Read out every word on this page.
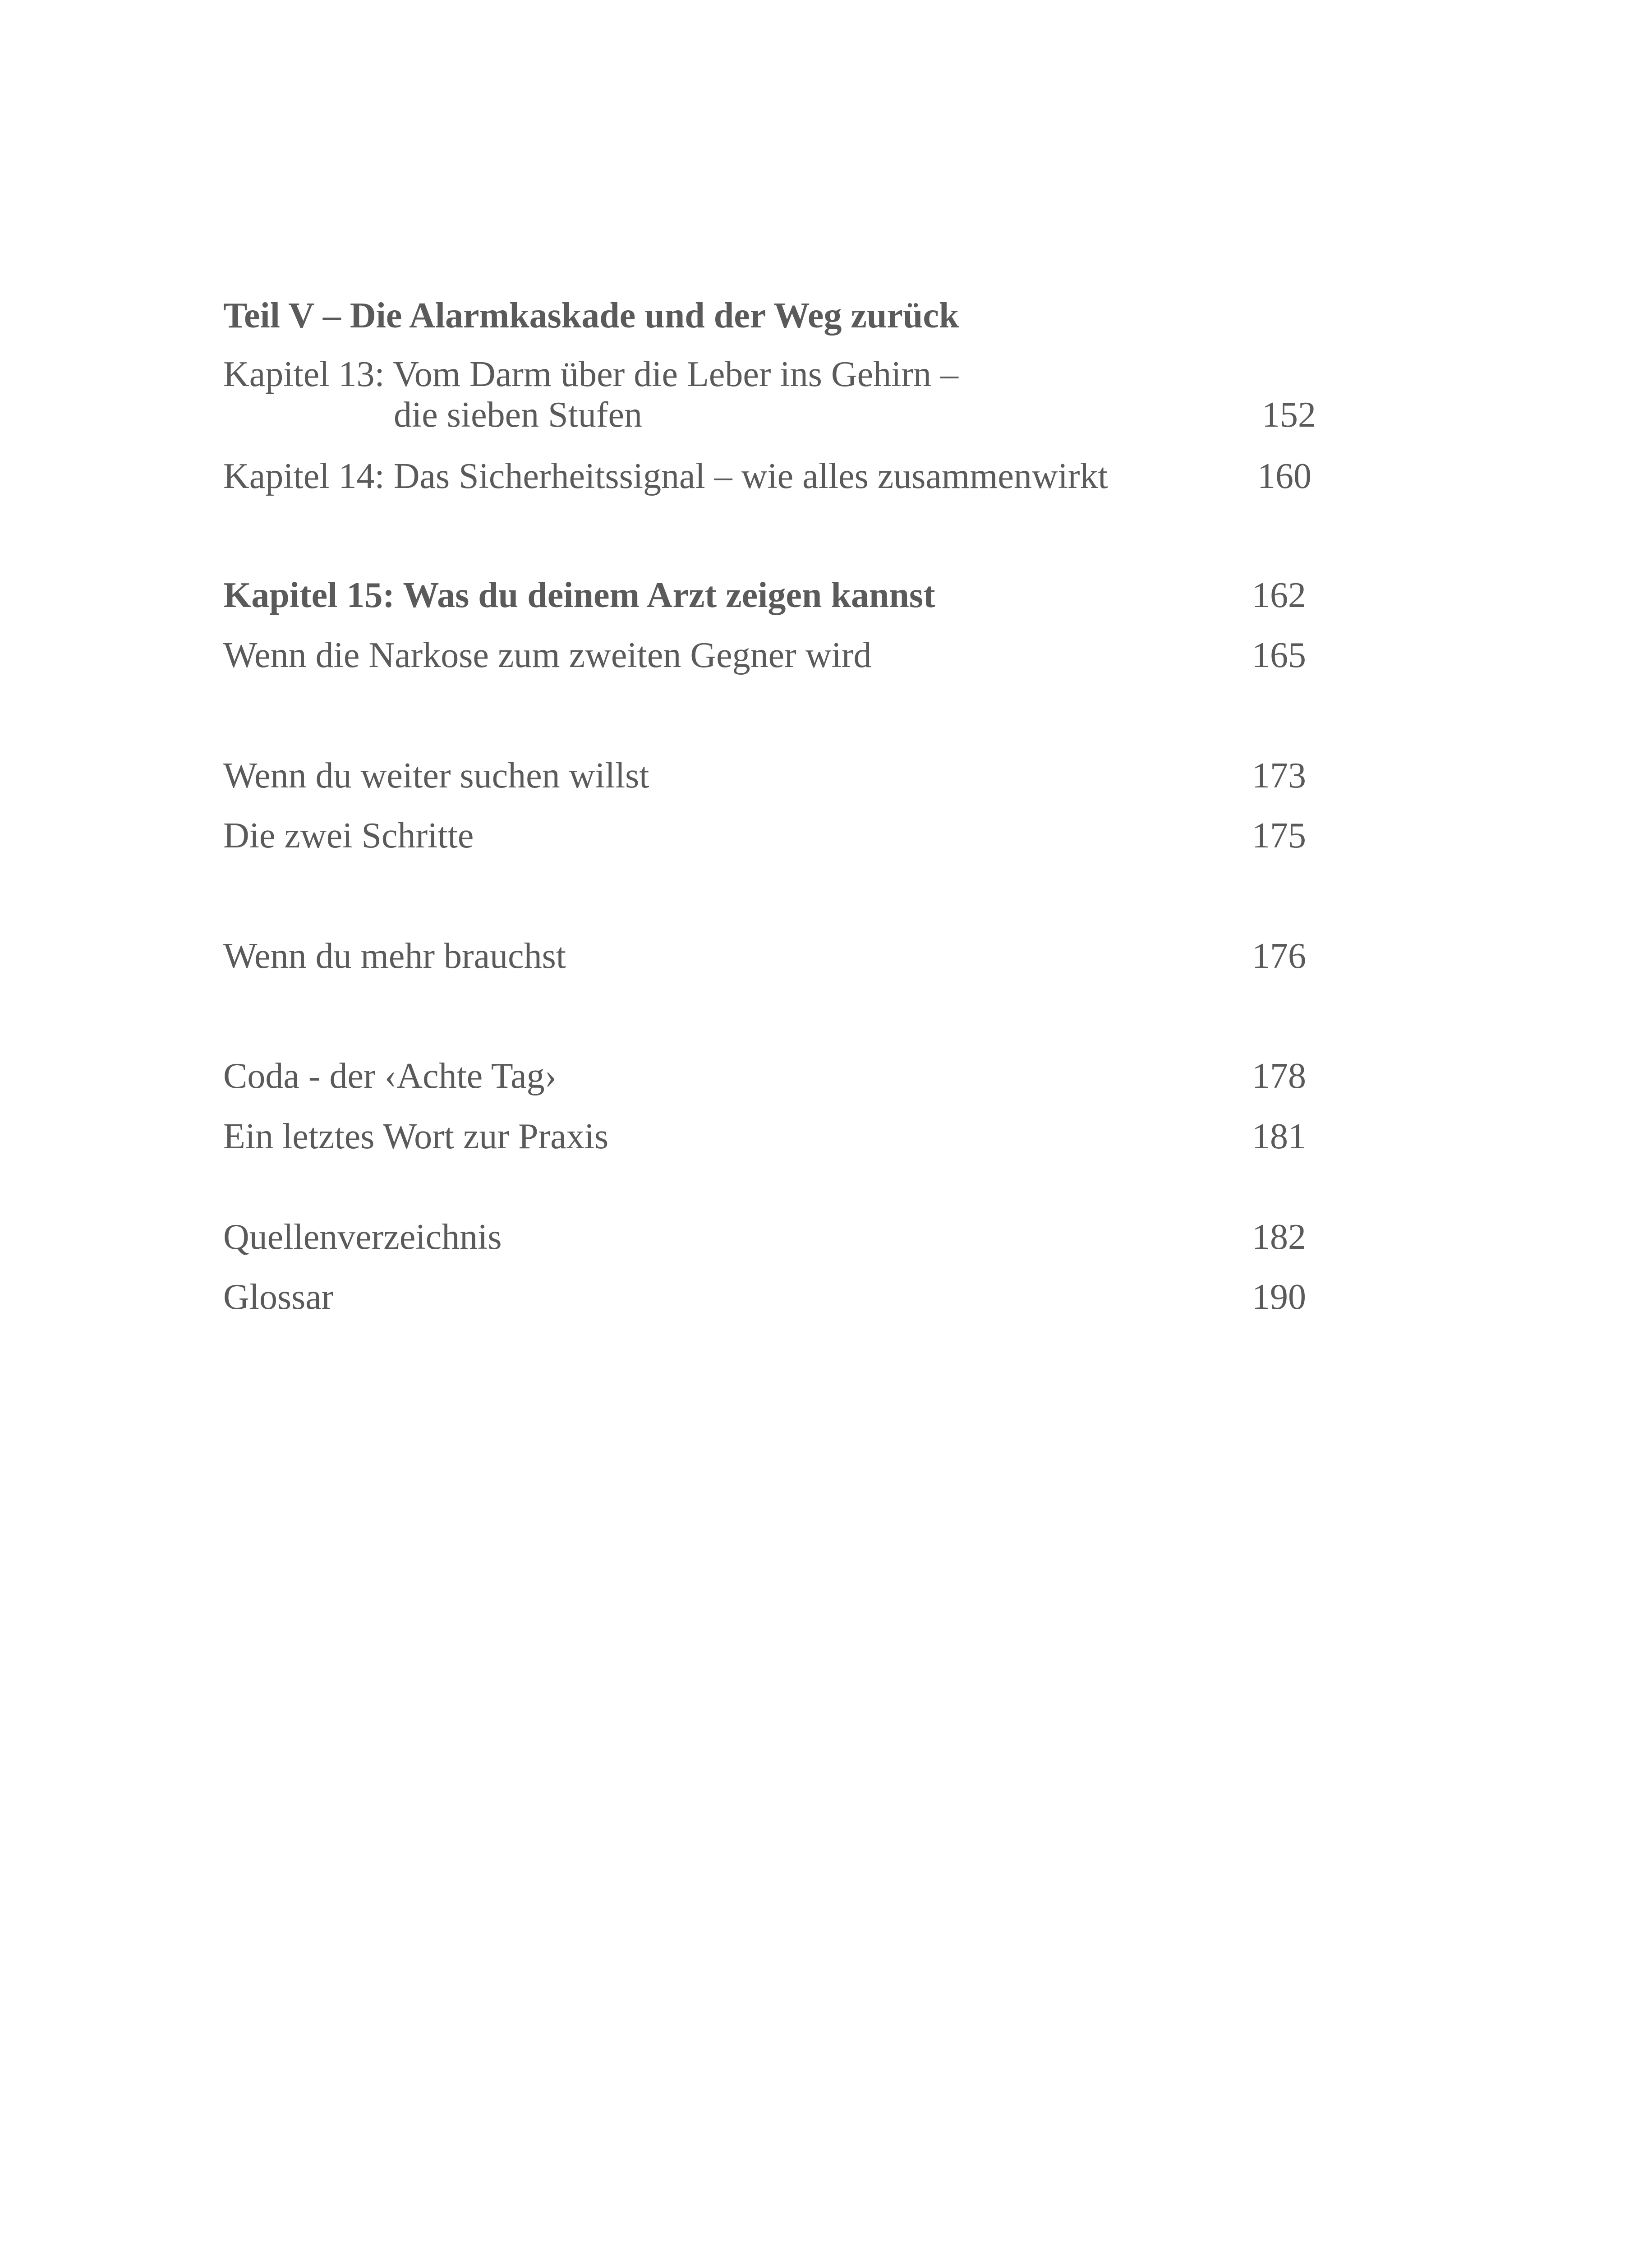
Teil V – Die Alarmkaskade und der Weg zurück
Kapitel 13: Vom Darm über die Leber ins Gehirn –
die sieben Stufen	152
Kapitel 14: Das Sicherheitssignal – wie alles zusammenwirkt	160
Kapitel 15: Was du deinem Arzt zeigen kannst	162
Wenn die Narkose zum zweiten Gegner wird	165
Wenn du weiter suchen willst	173
Die zwei Schritte	175
Wenn du mehr brauchst	176
Coda - der ‹Achte Tag›	178
Ein letztes Wort zur Praxis	181
Quellenverzeichnis	182
Glossar	190
